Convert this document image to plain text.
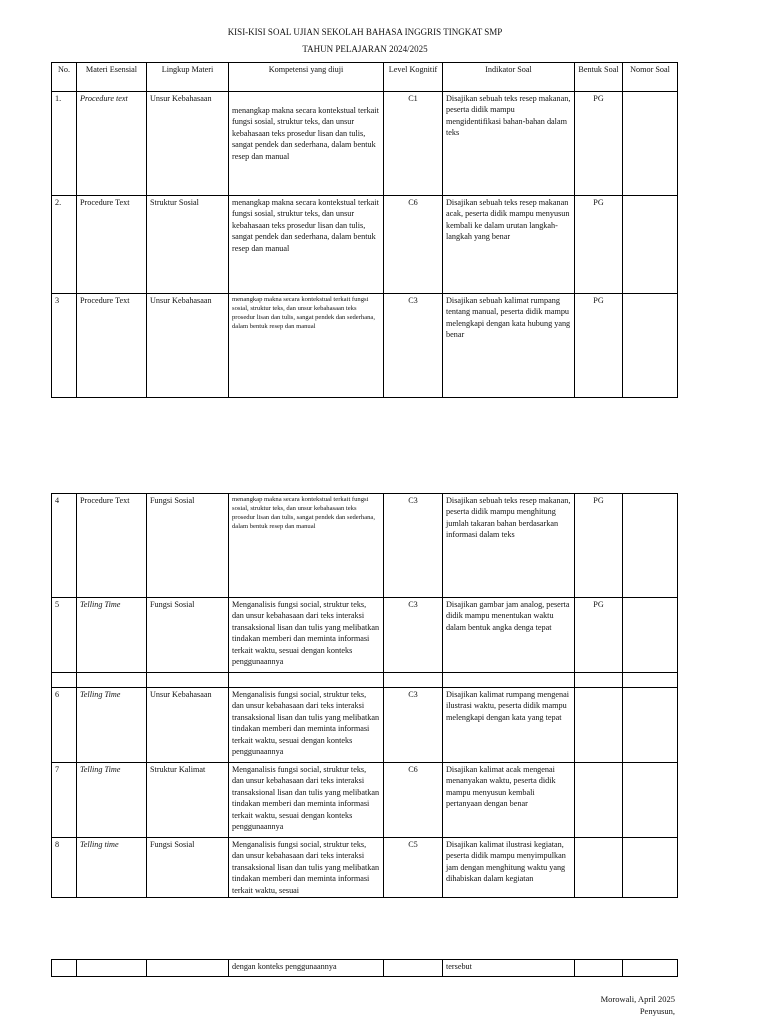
KISI-KISI SOAL UJIAN SEKOLAH BAHASA INGGRIS TINGKAT SMP
TAHUN PELAJARAN 2024/2025
No.	Materi Esensial	Lingkup Materi	Kompetensi yang diuji	Level Kognitif	Indikator Soal	Bentuk Soal	Nomor Soal
1.	Procedure text	Unsur Kebahasaan	menangkap makna secara kontekstual terkait fungsi sosial, struktur teks, dan unsur kebahasaan teks prosedur lisan dan tulis, sangat pendek dan sederhana, dalam bentuk resep dan manual	C1	Disajikan sebuah teks resep makanan, peserta didik mampu mengidentifikasi bahan-bahan dalam teks	PG	
2.	Procedure Text	Struktur Sosial	menangkap makna secara kontekstual terkait fungsi sosial, struktur teks, dan unsur kebahasaan teks prosedur lisan dan tulis, sangat pendek dan sederhana, dalam bentuk resep dan manual	C6	Disajikan sebuah teks resep makanan acak, peserta didik mampu menyusun kembali ke dalam urutan langkah-langkah yang benar	PG	
3	Procedure Text	Unsur Kebahasaan	menangkap makna secara kontekstual terkait fungsi sosial, struktur teks, dan unsur kebahasaan teks prosedur lisan dan tulis, sangat pendek dan sederhana, dalam bentuk resep dan manual	C3	Disajikan sebuah kalimat rumpang tentang manual, peserta didik mampu melengkapi dengan kata hubung yang benar	PG	
4	Procedure Text	Fungsi Sosial	menangkap makna secara kontekstual terkait fungsi sosial, struktur teks, dan unsur kebahasaan teks prosedur lisan dan tulis, sangat pendek dan sederhana, dalam bentuk resep dan manual	C3	Disajikan sebuah teks resep makanan, peserta didik mampu menghitung jumlah takaran bahan berdasarkan informasi dalam teks	PG	
5	Telling Time	Fungsi Sosial	Menganalisis fungsi social, struktur teks, dan unsur kebahasaan dari teks interaksi transaksional lisan dan tulis yang melibatkan tindakan memberi dan meminta informasi terkait waktu, sesuai dengan konteks penggunaannya	C3	Disajikan gambar jam analog, peserta didik mampu menentukan waktu dalam bentuk angka denga tepat	PG	

6	Telling Time	Unsur Kebahasaan	Menganalisis fungsi social, struktur teks, dan unsur kebahasaan dari teks interaksi transaksional lisan dan tulis yang melibatkan tindakan memberi dan meminta informasi terkait waktu, sesuai dengan konteks penggunaannya	C3	Disajikan kalimat rumpang mengenai ilustrasi waktu, peserta didik mampu melengkapi dengan kata yang tepat		
7	Telling Time	Struktur Kalimat	Menganalisis fungsi social, struktur teks, dan unsur kebahasaan dari teks interaksi transaksional lisan dan tulis yang melibatkan tindakan memberi dan meminta informasi terkait waktu, sesuai dengan konteks penggunaannya	C6	Disajikan kalimat acak mengenai menanyakan waktu, peserta didik mampu menyusun kembali pertanyaan dengan benar		
8	Telling time	Fungsi Sosial	Menganalisis fungsi social, struktur teks, dan unsur kebahasaan dari teks interaksi transaksional lisan dan tulis yang melibatkan tindakan memberi dan meminta informasi terkait waktu, sesuai	C5	Disajikan kalimat ilustrasi kegiatan, peserta didik mampu menyimpulkan jam dengan menghitung waktu yang dihabiskan dalam kegiatan		
			dengan konteks penggunaannya		tersebut		
Morowali, April 2025
Penyusun,
